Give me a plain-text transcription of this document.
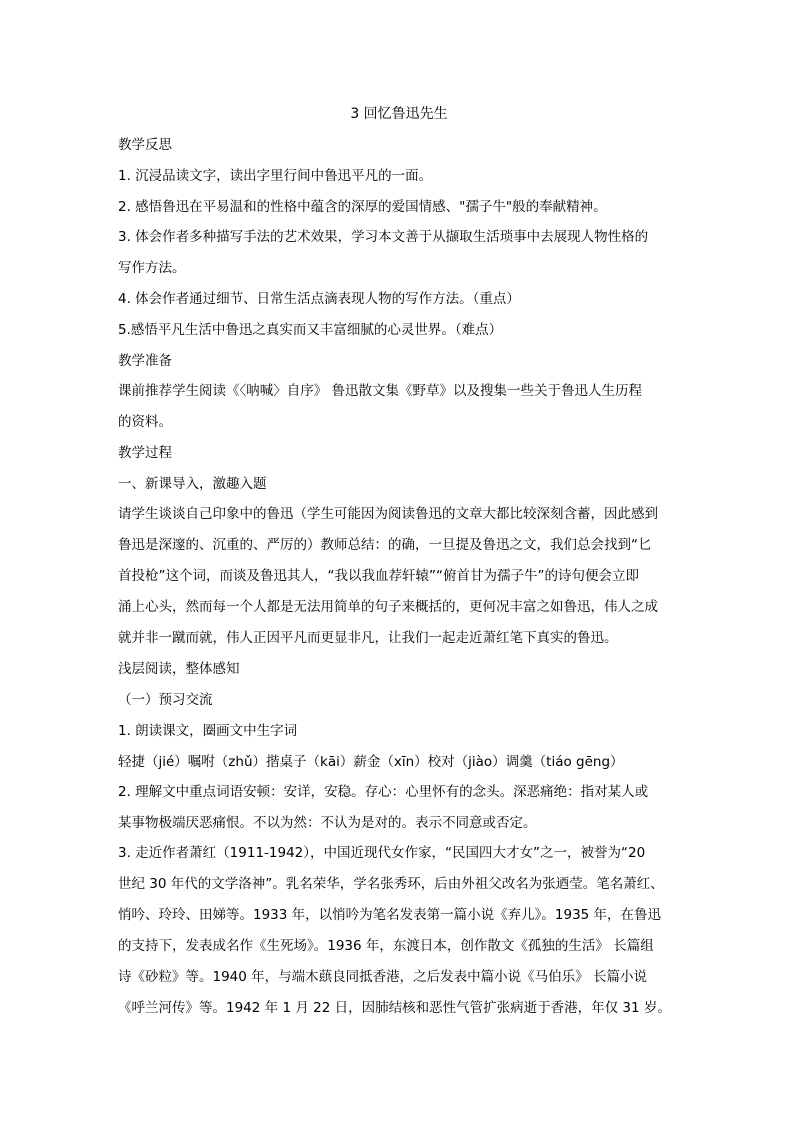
3 回忆鲁迅先生
教学反思
1. 沉浸品读文字，读出字里行间中鲁迅平凡的一面。
2. 感悟鲁迅在平易温和的性格中蕴含的深厚的爱国情感、"孺子牛"般的奉献精神。
3. 体会作者多种描写手法的艺术效果，学习本文善于从撷取生活琐事中去展现人物性格的
写作方法。
4. 体会作者通过细节、日常生活点滴表现人物的写作方法。（重点）
5.感悟平凡生活中鲁迅之真实而又丰富细腻的心灵世界。（难点）
教学准备
课前推荐学生阅读《〈呐喊〉自序》 鲁迅散文集《野草》以及搜集一些关于鲁迅人生历程
的资料。
教学过程
一、新课导入，激趣入题
请学生谈谈自己印象中的鲁迅（学生可能因为阅读鲁迅的文章大都比较深刻含蓄，因此感到
鲁迅是深邃的、沉重的、严厉的）教师总结：的确，一旦提及鲁迅之文，我们总会找到“匕
首投枪”这个词，而谈及鲁迅其人，“我以我血荐轩辕”“俯首甘为孺子牛”的诗句便会立即
涌上心头，然而每一个人都是无法用简单的句子来概括的，更何况丰富之如鲁迅，伟人之成
就并非一蹴而就，伟人正因平凡而更显非凡，让我们一起走近萧红笔下真实的鲁迅。
浅层阅读，整体感知
（一）预习交流
1. 朗读课文，圈画文中生字词
轻捷（jié）嘱咐（zhǔ）揩桌子（kāi）薪金（xīn）校对（jiào）调羹（tiáo gēng）
2. 理解文中重点词语安顿：安详，安稳。存心：心里怀有的念头。深恶痛绝：指对某人或
某事物极端厌恶痛恨。不以为然：不认为是对的。表示不同意或否定。
3. 走近作者萧红（1911-1942），中国近现代女作家，“民国四大才女”之一，被誉为“20
世纪 30 年代的文学洛神”。乳名荣华，学名张秀环，后由外祖父改名为张迺莹。笔名萧红、
悄吟、玲玲、田娣等。1933 年，以悄吟为笔名发表第一篇小说《弃儿》。1935 年，在鲁迅
的支持下，发表成名作《生死场》。1936 年，东渡日本，创作散文《孤独的生活》 长篇组
诗《砂粒》等。1940 年，与端木蕻良同抵香港，之后发表中篇小说《马伯乐》 长篇小说
《呼兰河传》等。1942 年 1 月 22 日，因肺结核和恶性气管扩张病逝于香港，年仅 31 岁。
